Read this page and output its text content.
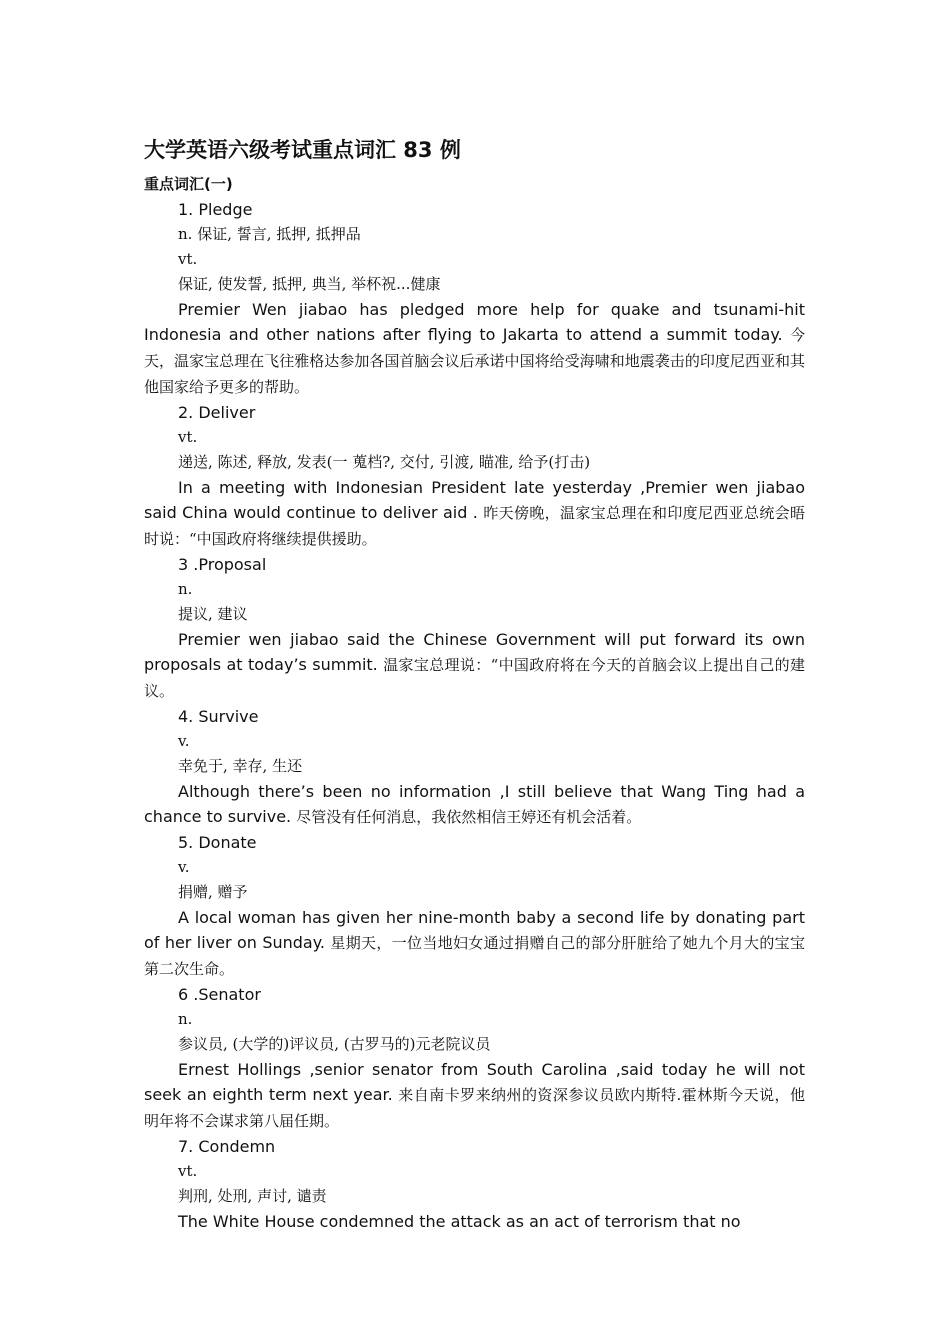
大学英语六级考试重点词汇 83 例
重点词汇(一)
1. Pledge
n. 保证, 誓言, 抵押, 抵押品
vt.
保证, 使发誓, 抵押, 典当, 举杯祝...健康

Premier Wen jiabao has pledged more help for quake and tsunami-hit Indonesia and other nations after flying to Jakarta to attend a summit today. 今天，温家宝总理在飞往雅格达参加各国首脑会议后承诺中国将给受海啸和地震袭击的印度尼西亚和其他国家给予更多的帮助。

2. Deliver
vt.
递送, 陈述, 释放, 发表(一 蒐档?, 交付, 引渡, 瞄准, 给予(打击)

In a meeting with Indonesian President late yesterday ,Premier wen jiabao said China would continue to deliver aid . 昨天傍晚，温家宝总理在和印度尼西亚总统会晤时说：“中国政府将继续提供援助。

3 .Proposal
n.
提议, 建议

Premier wen jiabao said the Chinese Government will put forward its own proposals at today’s summit. 温家宝总理说：“中国政府将在今天的首脑会议上提出自己的建议。

4. Survive
v.
幸免于, 幸存, 生还

Although there’s been no information ,I still believe that Wang Ting had a chance to survive. 尽管没有任何消息，我依然相信王婷还有机会活着。

5. Donate
v.
捐赠, 赠予

A local woman has given her nine-month baby a second life by donating part of her liver on Sunday. 星期天，一位当地妇女通过捐赠自己的部分肝脏给了她九个月大的宝宝第二次生命。

6 .Senator
n.
参议员, (大学的)评议员, (古罗马的)元老院议员

Ernest Hollings ,senior senator from South Carolina ,said today he will not seek an eighth term next year. 来自南卡罗来纳州的资深参议员欧内斯特.霍林斯今天说，他明年将不会谋求第八届任期。

7. Condemn
vt.
判刑, 处刑, 声讨, 谴责

The White House condemned the attack as an act of terrorism that no
